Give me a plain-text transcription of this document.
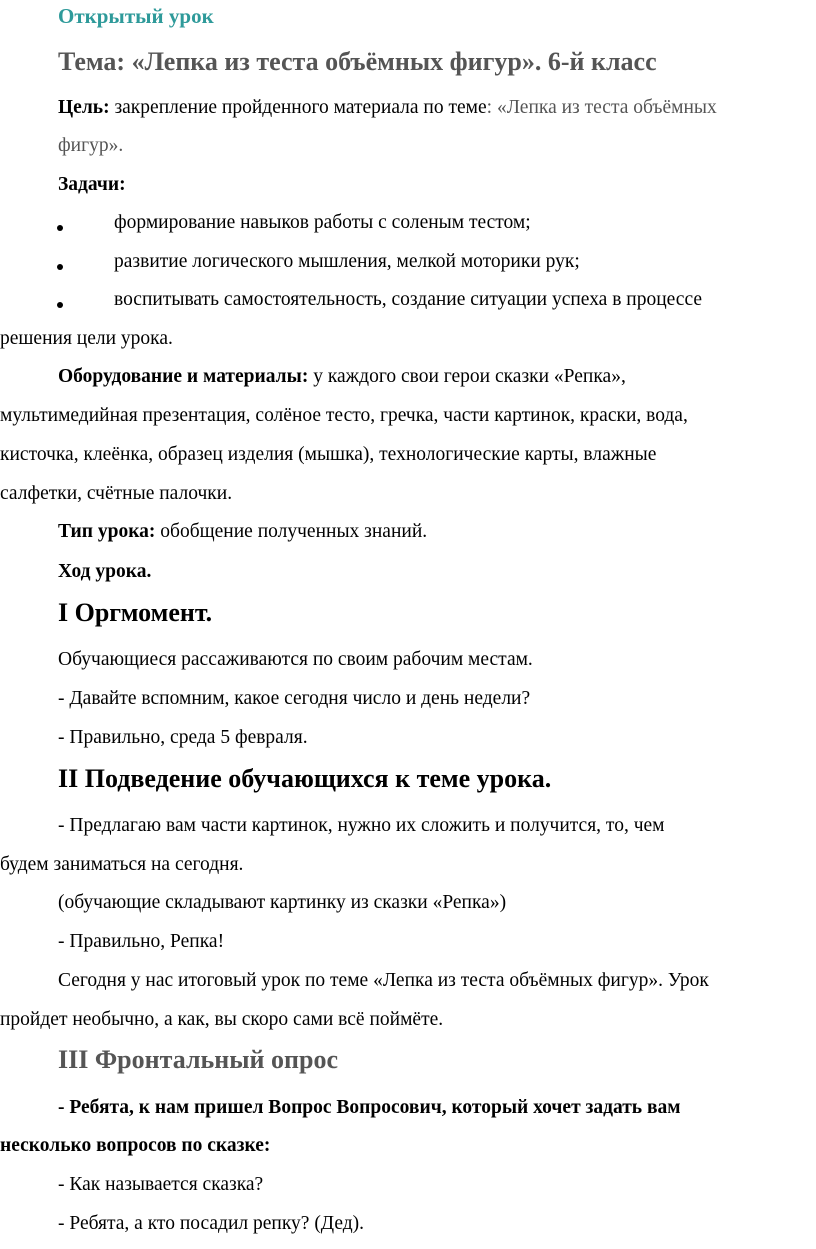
Открытый урок
Тема: «Лепка из теста объёмных фигур». 6-й класс
Цель: закрепление пройденного материала по теме: «Лепка из теста объёмных
фигур».
Задачи:
формирование навыков работы с соленым тестом;
развитие логического мышления, мелкой моторики рук;
воспитывать самостоятельность, создание ситуации успеха в процессе
решения цели урока.
Оборудование и материалы: у каждого свои герои сказки «Репка»,
мультимедийная презентация, солёное тесто, гречка, части картинок, краски, вода,
кисточка, клеёнка, образец изделия (мышка), технологические карты, влажные
салфетки, счётные палочки.
Тип урока: обобщение полученных знаний.
Ход урока.
I Оргмомент.
Обучающиеся рассаживаются по своим рабочим местам.
- Давайте вспомним, какое сегодня число и день недели?
- Правильно, среда 5 февраля.
II Подведение обучающихся к теме урока.
- Предлагаю вам части картинок, нужно их сложить и получится, то, чем
будем заниматься на сегодня.
(обучающие складывают картинку из сказки «Репка»)
- Правильно, Репка!
Сегодня у нас итоговый урок по теме «Лепка из теста объёмных фигур». Урок
пройдет необычно, а как, вы скоро сами всё поймёте.
III Фронтальный опрос
- Ребята, к нам пришел Вопрос Вопросович, который хочет задать вам
несколько вопросов по сказке:
- Как называется сказка?
- Ребята, а кто посадил репку? (Дед).
